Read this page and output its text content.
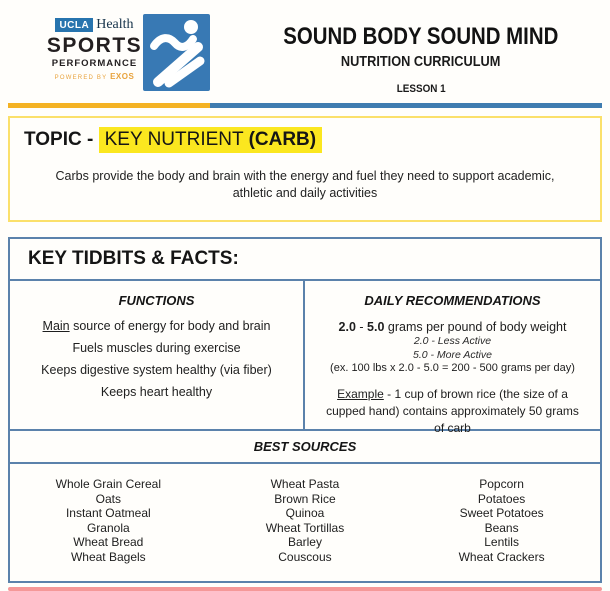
UCLA Health
SPORTS
PERFORMANCE
POWERED BY EXOS
SOUND BODY SOUND MIND
NUTRITION CURRICULUM
LESSON 1
TOPIC - KEY NUTRIENT (CARB)
Carbs provide the body and brain with the energy and fuel they need to support academic, athletic and daily activities
KEY TIDBITS & FACTS:
FUNCTIONS
Main source of energy for body and brain
Fuels muscles during exercise
Keeps digestive system healthy (via fiber)
Keeps heart healthy
DAILY RECOMMENDATIONS
2.0 - 5.0 grams per pound of body weight
2.0 - Less Active
5.0 - More Active
(ex. 100 lbs x 2.0 - 5.0 = 200 - 500 grams per day)
Example - 1 cup of brown rice (the size of a cupped hand) contains approximately 50 grams of carb
BEST SOURCES
Whole Grain Cereal
Oats
Instant Oatmeal
Granola
Wheat Bread
Wheat Bagels
Wheat Pasta
Brown Rice
Quinoa
Wheat Tortillas
Barley
Couscous
Popcorn
Potatoes
Sweet Potatoes
Beans
Lentils
Wheat Crackers
